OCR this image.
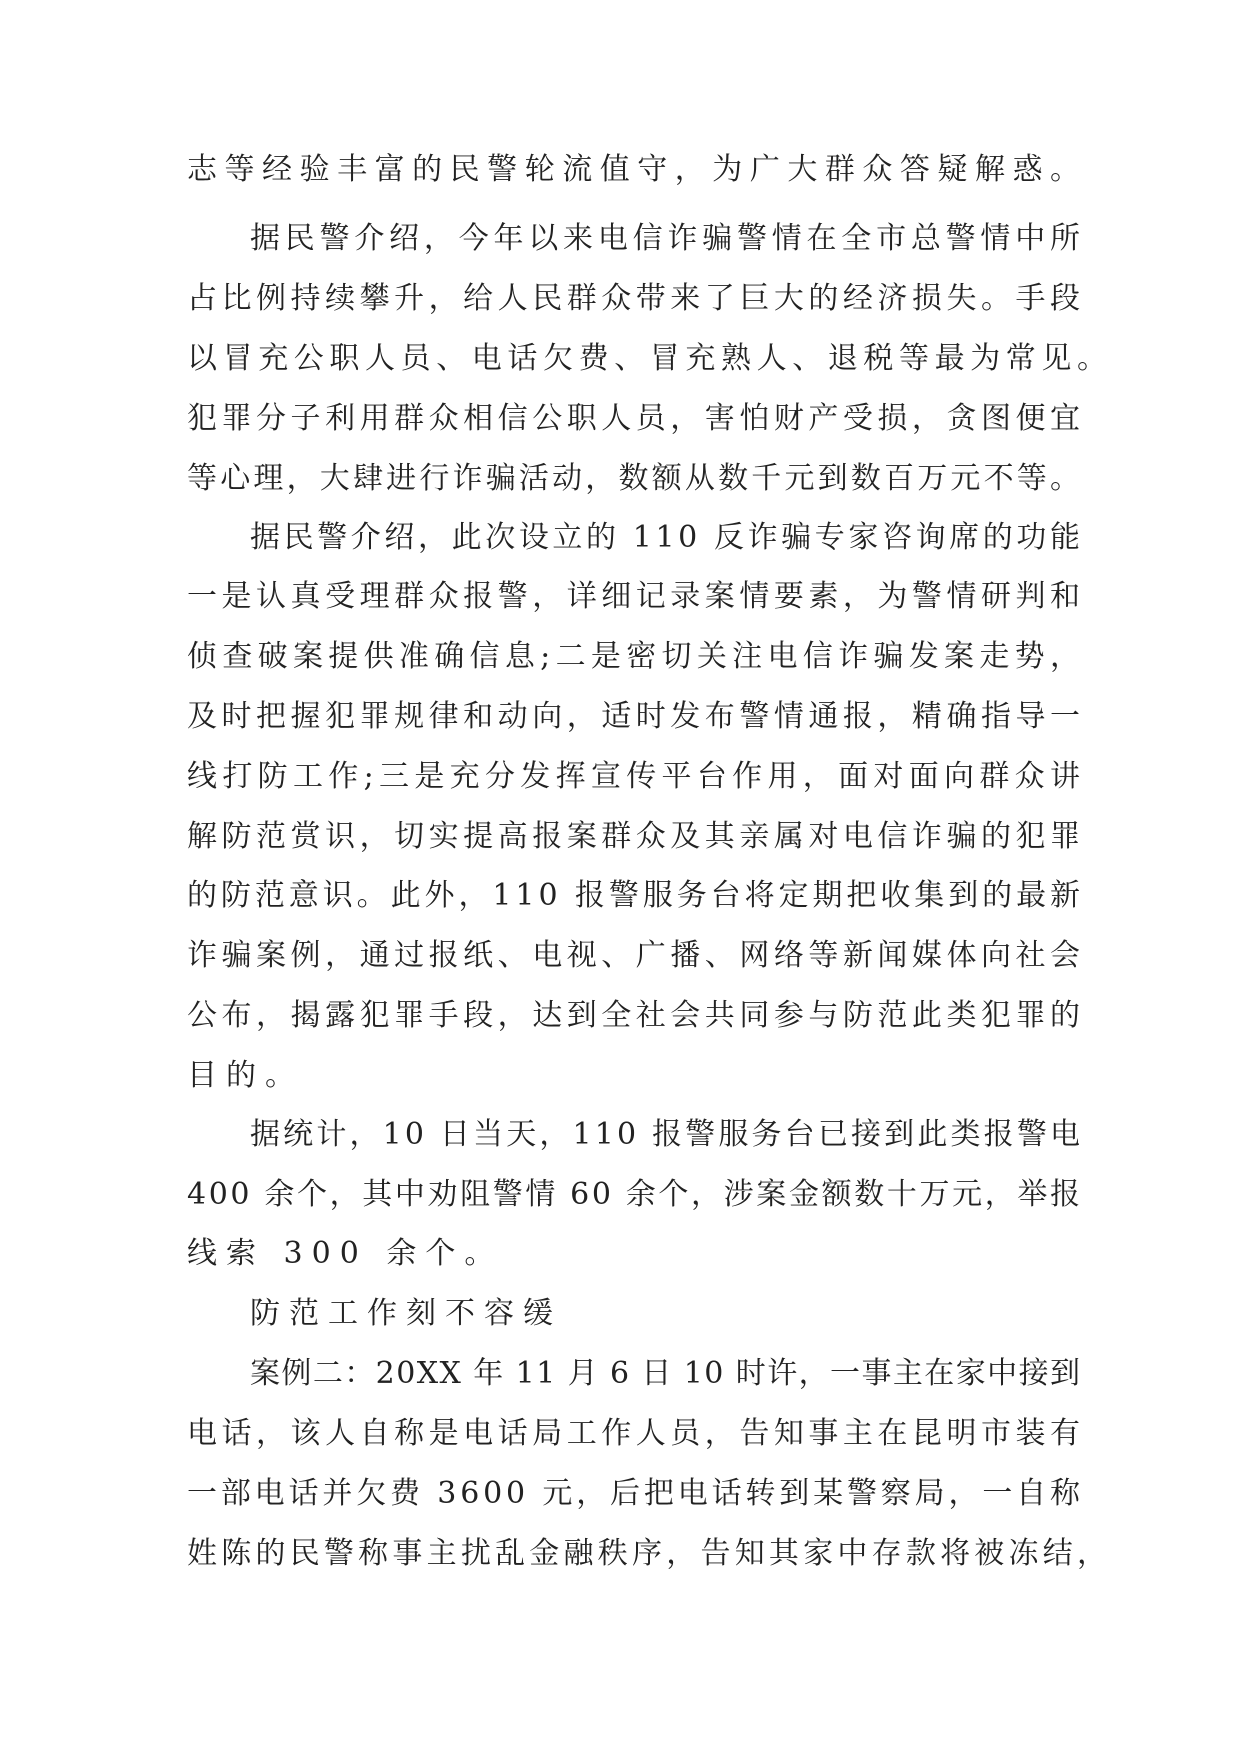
志等经验丰富的民警轮流值守，为广大群众答疑解惑。
据民警介绍，今年以来电信诈骗警情在全市总警情中所
占比例持续攀升，给人民群众带来了巨大的经济损失。手段
以冒充公职人员、电话欠费、冒充熟人、退税等最为常见。
犯罪分子利用群众相信公职人员，害怕财产受损，贪图便宜
等心理，大肆进行诈骗活动，数额从数千元到数百万元不等。
据民警介绍，此次设立的 110 反诈骗专家咨询席的功能
一是认真受理群众报警，详细记录案情要素，为警情研判和
侦查破案提供准确信息;二是密切关注电信诈骗发案走势，
及时把握犯罪规律和动向，适时发布警情通报，精确指导一
线打防工作;三是充分发挥宣传平台作用，面对面向群众讲
解防范赏识，切实提高报案群众及其亲属对电信诈骗的犯罪
的防范意识。此外，110 报警服务台将定期把收集到的最新
诈骗案例，通过报纸、电视、广播、网络等新闻媒体向社会
公布，揭露犯罪手段，达到全社会共同参与防范此类犯罪的
目的。
据统计，10 日当天，110 报警服务台已接到此类报警电
400 余个，其中劝阻警情 60 余个，涉案金额数十万元，举报
线索 300 余个。
防范工作刻不容缓
案例二：20XX 年 11 月 6 日 10 时许，一事主在家中接到
电话，该人自称是电话局工作人员，告知事主在昆明市装有
一部电话并欠费 3600 元，后把电话转到某警察局，一自称
姓陈的民警称事主扰乱金融秩序，告知其家中存款将被冻结，
